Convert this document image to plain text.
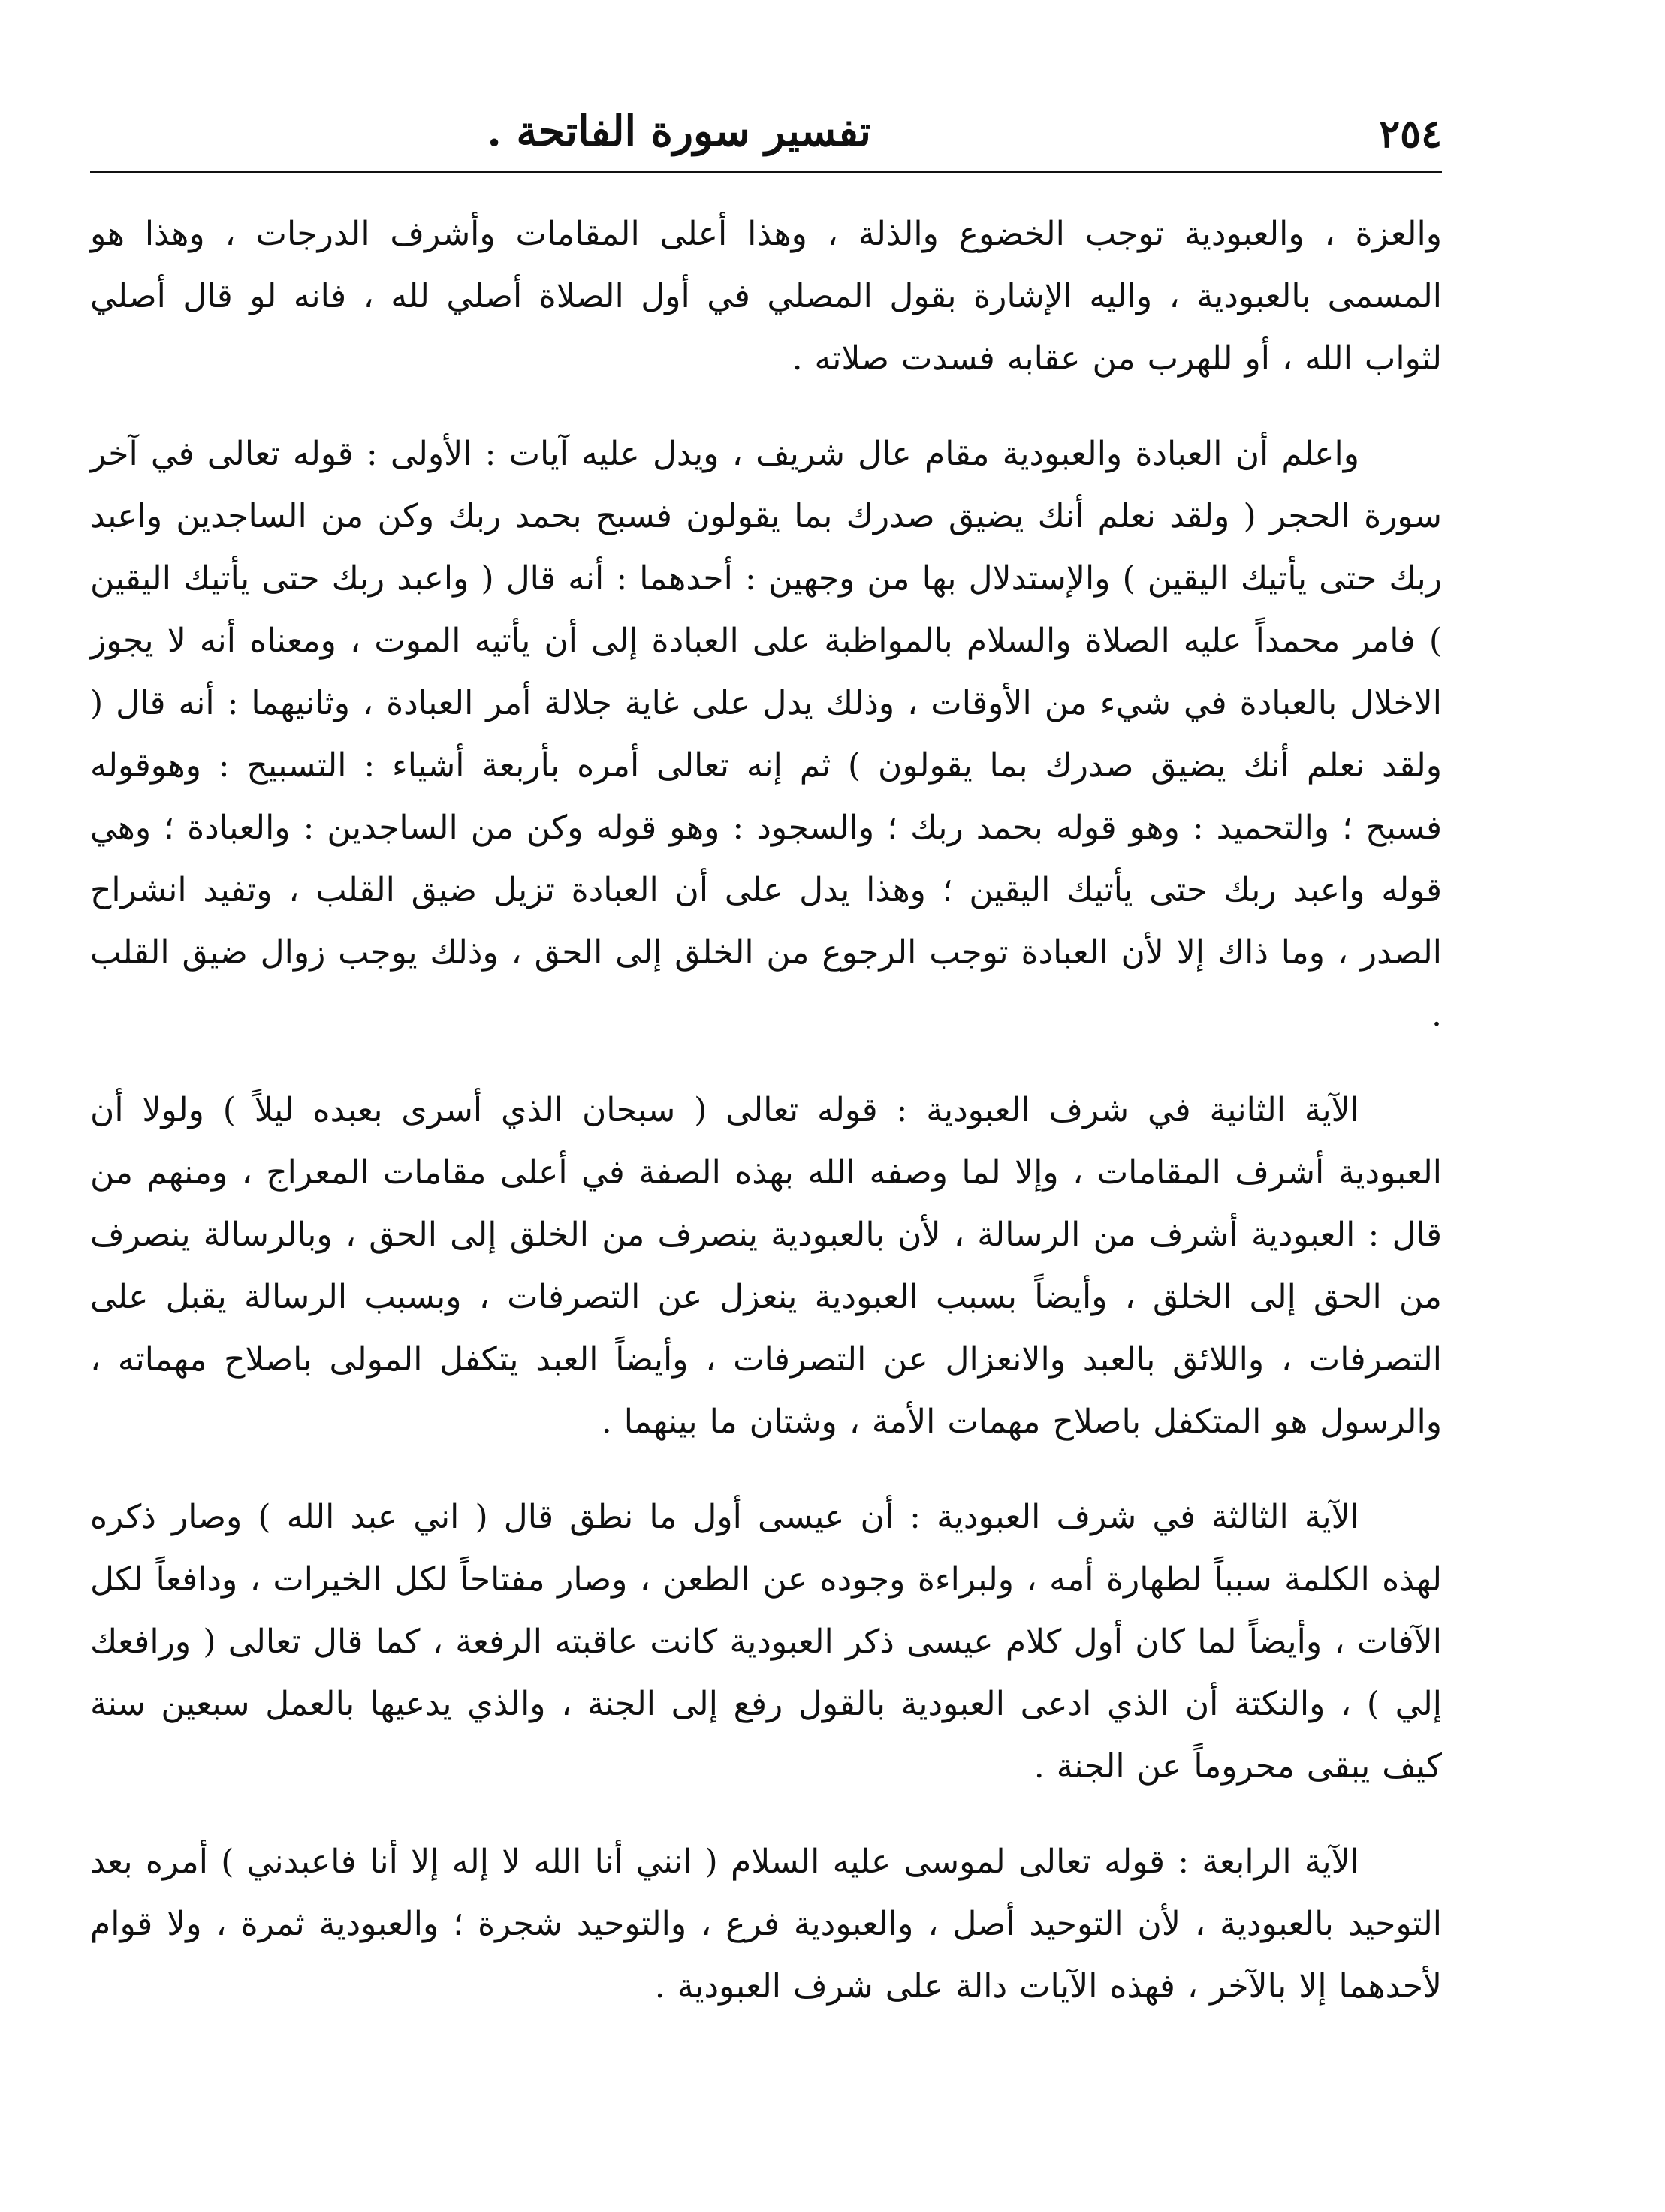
٢٥٤
تفسير سورة الفاتحة .

والعزة ، والعبودية توجب الخضوع والذلة ، وهذا أعلى المقامات وأشرف الدرجات ، وهذا هو المسمى بالعبودية ، واليه الإشارة بقول المصلي في أول الصلاة أصلي لله ، فانه لو قال أصلي لثواب الله ، أو للهرب من عقابه فسدت صلاته .

واعلم أن العبادة والعبودية مقام عال شريف ، ويدل عليه آيات : الأولى : قوله تعالى في آخر سورة الحجر ( ولقد نعلم أنك يضيق صدرك بما يقولون فسبح بحمد ربك وكن من الساجدين واعبد ربك حتى يأتيك اليقين ) والإستدلال بها من وجهين : أحدهما : أنه قال ( واعبد ربك حتى يأتيك اليقين ) فامر محمداً عليه الصلاة والسلام بالمواظبة على العبادة إلى أن يأتيه الموت ، ومعناه أنه لا يجوز الاخلال بالعبادة في شيء من الأوقات ، وذلك يدل على غاية جلالة أمر العبادة ، وثانيهما : أنه قال ( ولقد نعلم أنك يضيق صدرك بما يقولون ) ثم إنه تعالى أمره بأربعة أشياء : التسبيح : وهوقوله فسبح ؛ والتحميد : وهو قوله بحمد ربك ؛ والسجود : وهو قوله وكن من الساجدين : والعبادة ؛ وهي قوله واعبد ربك حتى يأتيك اليقين ؛ وهذا يدل على أن العبادة تزيل ضيق القلب ، وتفيد انشراح الصدر ، وما ذاك إلا لأن العبادة توجب الرجوع من الخلق إلى الحق ، وذلك يوجب زوال ضيق القلب .

الآية الثانية في شرف العبودية : قوله تعالى ( سبحان الذي أسرى بعبده ليلاً ) ولولا أن العبودية أشرف المقامات ، وإلا لما وصفه الله بهذه الصفة في أعلى مقامات المعراج ، ومنهم من قال : العبودية أشرف من الرسالة ، لأن بالعبودية ينصرف من الخلق إلى الحق ، وبالرسالة ينصرف من الحق إلى الخلق ، وأيضاً بسبب العبودية ينعزل عن التصرفات ، وبسبب الرسالة يقبل على التصرفات ، واللائق بالعبد والانعزال عن التصرفات ، وأيضاً العبد يتكفل المولى باصلاح مهماته ، والرسول هو المتكفل باصلاح مهمات الأمة ، وشتان ما بينهما .

الآية الثالثة في شرف العبودية : أن عيسى أول ما نطق قال ( اني عبد الله ) وصار ذكره لهذه الكلمة سبباً لطهارة أمه ، ولبراءة وجوده عن الطعن ، وصار مفتاحاً لكل الخيرات ، ودافعاً لكل الآفات ، وأيضاً لما كان أول كلام عيسى ذكر العبودية كانت عاقبته الرفعة ، كما قال تعالى ( ورافعك إلي ) ، والنكتة أن الذي ادعى العبودية بالقول رفع إلى الجنة ، والذي يدعيها بالعمل سبعين سنة كيف يبقى محروماً عن الجنة .

الآية الرابعة : قوله تعالى لموسى عليه السلام ( انني أنا الله لا إله إلا أنا فاعبدني ) أمره بعد التوحيد بالعبودية ، لأن التوحيد أصل ، والعبودية فرع ، والتوحيد شجرة ؛ والعبودية ثمرة ، ولا قوام لأحدهما إلا بالآخر ، فهذه الآيات دالة على شرف العبودية .
